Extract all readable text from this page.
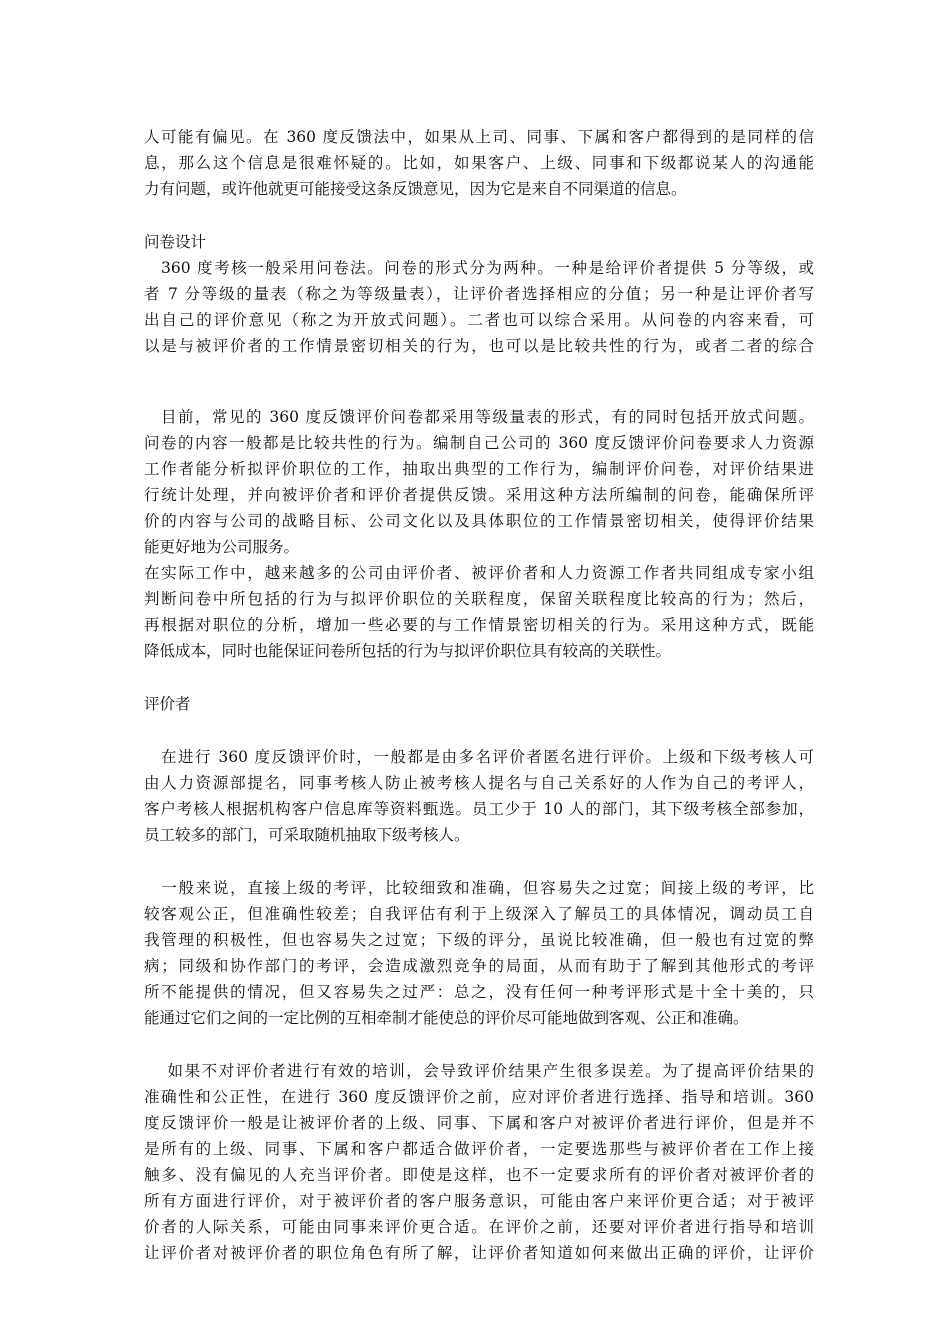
人可能有偏见。在 360 度反馈法中，如果从上司、同事、下属和客户都得到的是同样的信
息，那么这个信息是很难怀疑的。比如，如果客户、上级、同事和下级都说某人的沟通能
力有问题，或许他就更可能接受这条反馈意见，因为它是来自不同渠道的信息。
问卷设计
　360 度考核一般采用问卷法。问卷的形式分为两种。一种是给评价者提供 5 分等级，或
者 7 分等级的量表（称之为等级量表），让评价者选择相应的分值；另一种是让评价者写
出自己的评价意见（称之为开放式问题）。二者也可以综合采用。从问卷的内容来看，可
以是与被评价者的工作情景密切相关的行为，也可以是比较共性的行为，或者二者的综合
　目前，常见的 360 度反馈评价问卷都采用等级量表的形式，有的同时包括开放式问题。
问卷的内容一般都是比较共性的行为。编制自己公司的 360 度反馈评价问卷要求人力资源
工作者能分析拟评价职位的工作，抽取出典型的工作行为，编制评价问卷，对评价结果进
行统计处理，并向被评价者和评价者提供反馈。采用这种方法所编制的问卷，能确保所评
价的内容与公司的战略目标、公司文化以及具体职位的工作情景密切相关，使得评价结果
能更好地为公司服务。
在实际工作中，越来越多的公司由评价者、被评价者和人力资源工作者共同组成专家小组
判断问卷中所包括的行为与拟评价职位的关联程度，保留关联程度比较高的行为；然后，
再根据对职位的分析，增加一些必要的与工作情景密切相关的行为。采用这种方式，既能
降低成本，同时也能保证问卷所包括的行为与拟评价职位具有较高的关联性。
评价者
　在进行 360 度反馈评价时，一般都是由多名评价者匿名进行评价。上级和下级考核人可
由人力资源部提名，同事考核人防止被考核人提名与自己关系好的人作为自己的考评人，
客户考核人根据机构客户信息库等资料甄选。员工少于 10 人的部门，其下级考核全部参加，
员工较多的部门，可采取随机抽取下级考核人。
　一般来说，直接上级的考评，比较细致和准确，但容易失之过宽；间接上级的考评，比
较客观公正，但准确性较差；自我评估有利于上级深入了解员工的具体情况，调动员工自
我管理的积极性，但也容易失之过宽；下级的评分，虽说比较准确，但一般也有过宽的弊
病；同级和协作部门的考评，会造成激烈竞争的局面，从而有助于了解到其他形式的考评
所不能提供的情况，但又容易失之过严：总之，没有任何一种考评形式是十全十美的，只
能通过它们之间的一定比例的互相牵制才能使总的评价尽可能地做到客观、公正和准确。
　 如果不对评价者进行有效的培训，会导致评价结果产生很多误差。为了提高评价结果的
准确性和公正性，在进行 360 度反馈评价之前，应对评价者进行选择、指导和培训。360
度反馈评价一般是让被评价者的上级、同事、下属和客户对被评价者进行评价，但是并不
是所有的上级、同事、下属和客户都适合做评价者，一定要选那些与被评价者在工作上接
触多、没有偏见的人充当评价者。即使是这样，也不一定要求所有的评价者对被评价者的
所有方面进行评价，对于被评价者的客户服务意识，可能由客户来评价更合适；对于被评
价者的人际关系，可能由同事来评价更合适。在评价之前，还要对评价者进行指导和培训
让评价者对被评价者的职位角色有所了解，让评价者知道如何来做出正确的评价，让评价
